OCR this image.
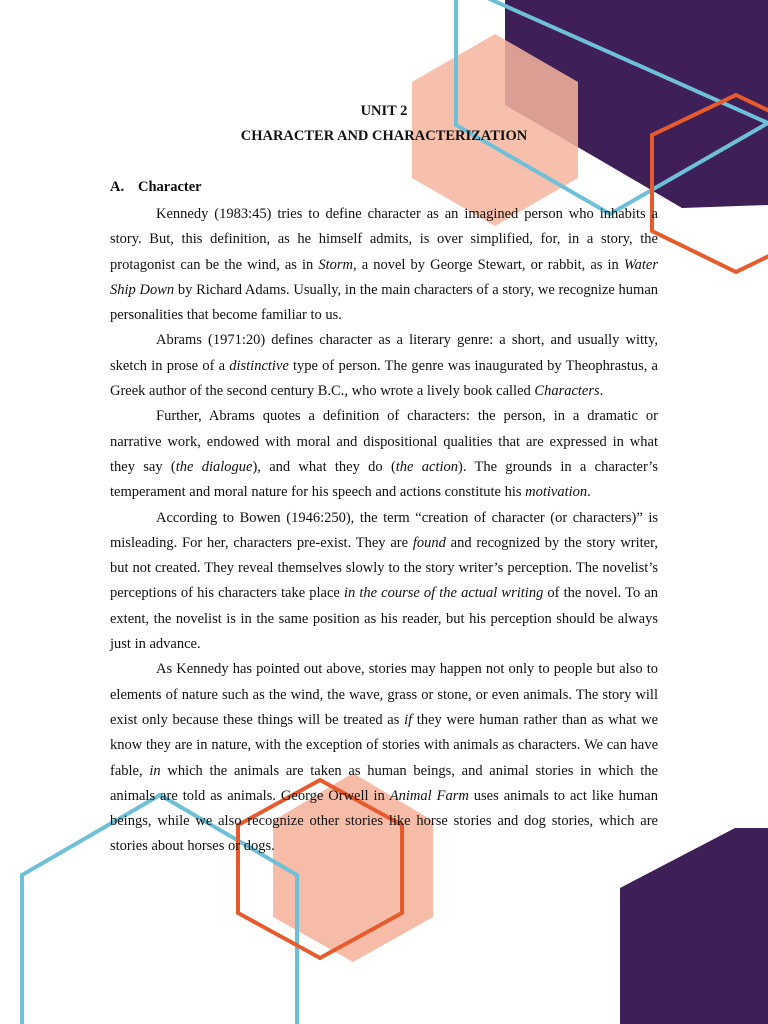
UNIT 2
CHARACTER AND CHARACTERIZATION
A. Character

Kennedy (1983:45) tries to define character as an imagined person who inhabits a story. But, this definition, as he himself admits, is over simplified, for, in a story, the protagonist can be the wind, as in Storm, a novel by George Stewart, or rabbit, as in Water Ship Down by Richard Adams. Usually, in the main characters of a story, we recognize human personalities that become familiar to us.

Abrams (1971:20) defines character as a literary genre: a short, and usually witty, sketch in prose of a distinctive type of person. The genre was inaugurated by Theophrastus, a Greek author of the second century B.C., who wrote a lively book called Characters.

Further, Abrams quotes a definition of characters: the person, in a dramatic or narrative work, endowed with moral and dispositional qualities that are expressed in what they say (the dialogue), and what they do (the action). The grounds in a character’s temperament and moral nature for his speech and actions constitute his motivation.

According to Bowen (1946:250), the term “creation of character (or characters)” is misleading. For her, characters pre-exist. They are found and recognized by the story writer, but not created. They reveal themselves slowly to the story writer’s perception. The novelist’s perceptions of his characters take place in the course of the actual writing of the novel. To an extent, the novelist is in the same position as his reader, but his perception should be always just in advance.

As Kennedy has pointed out above, stories may happen not only to people but also to elements of nature such as the wind, the wave, grass or stone, or even animals. The story will exist only because these things will be treated as if they were human rather than as what we know they are in nature, with the exception of stories with animals as characters. We can have fable, in which the animals are taken as human beings, and animal stories in which the animals are told as animals. George Orwell in Animal Farm uses animals to act like human beings, while we also recognize other stories like horse stories and dog stories, which are stories about horses or dogs.
